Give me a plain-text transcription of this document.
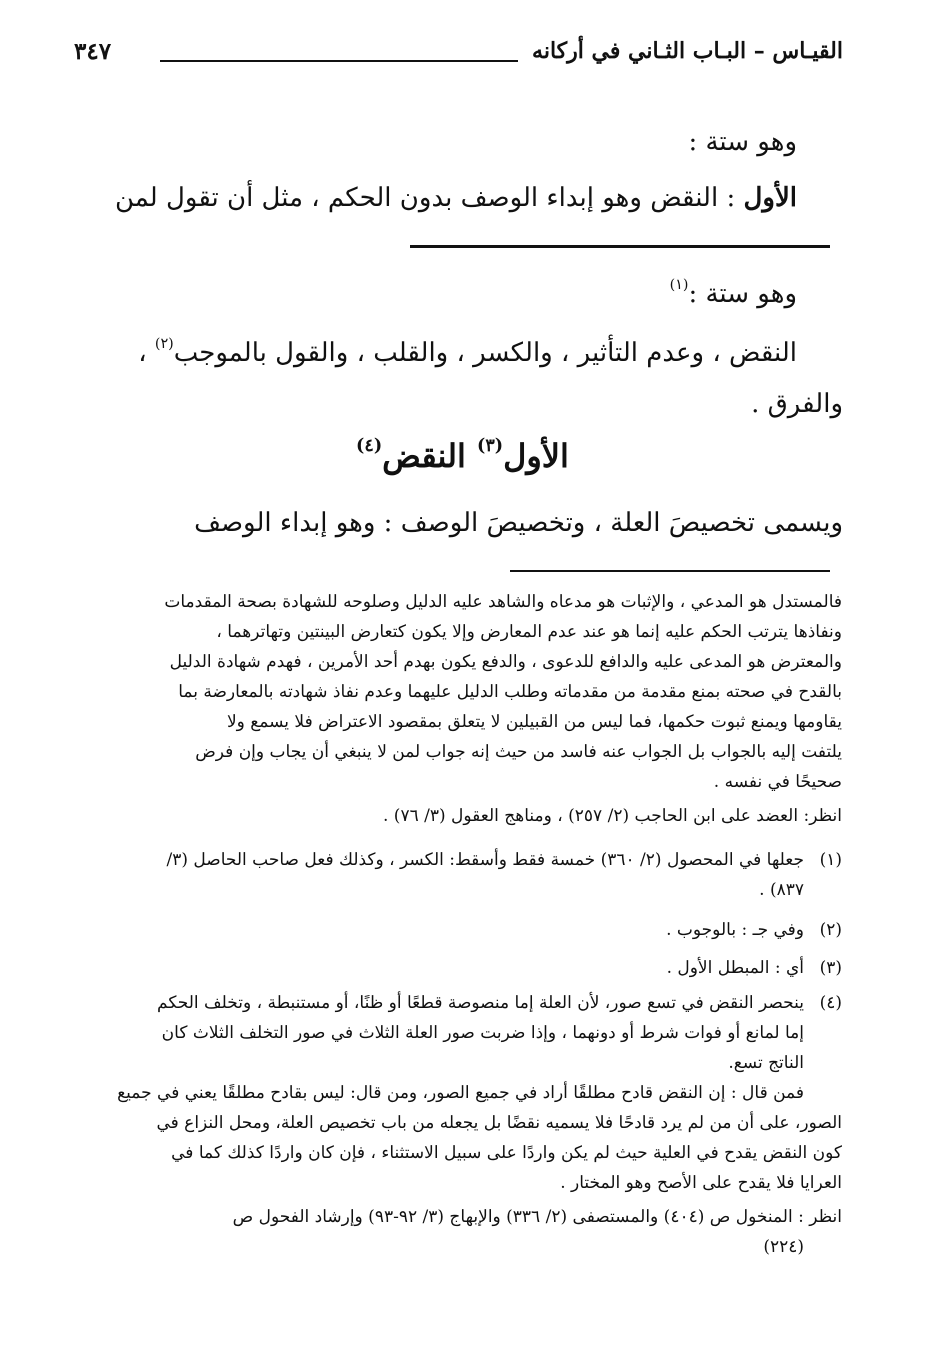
القيـاس – البـاب الثـاني في أركانه
٣٤٧
وهو ستة :
الأول : النقض وهو إبداء الوصف بدون الحكم ، مثل أن تقول لمن
وهو ستة :$^{(١)}$
النقض ، وعدم التأثير ، والكسر ، والقلب ، والقول بالموجب$^{(٢)}$ ،
والفرق .
الأول$^{(٣)}$ النقض$^{(٤)}$
ويسمى تخصيصَ العلة ، وتخصيصَ الوصف : وهو إبداء الوصف
فالمستدل هو المدعي ، والإثبات هو مدعاه والشاهد عليه الدليل وصلوحه للشهادة بصحة المقدمات
ونفاذها يترتب الحكم عليه إنما هو عند عدم المعارض وإلا يكون كتعارض البينتين وتهاترهما ،
والمعترض هو المدعى عليه والدافع للدعوى ، والدفع يكون بهدم أحد الأمرين ، فهدم شهادة الدليل
بالقدح في صحته بمنع مقدمة من مقدماته وطلب الدليل عليهما وعدم نفاذ شهادته بالمعارضة بما
يقاومها ويمنع ثبوت حكمها، فما ليس من القبيلين لا يتعلق بمقصود الاعتراض فلا يسمع ولا
يلتفت إليه بالجواب بل الجواب عنه فاسد من حيث إنه جواب لمن لا ينبغي أن يجاب وإن فرض
صحيحًا في نفسه .
انظر: العضد على ابن الحاجب (٢/ ٢٥٧) ، ومناهج العقول (٣/ ٧٦) .
(١)جعلها في المحصول (٢/ ٣٦٠) خمسة فقط وأسقط: الكسر ، وكذلك فعل صاحب الحاصل (٣/
٨٣٧) .
(٢)وفي جـ : بالوجوب .
(٣)أي : المبطل الأول .
(٤)ينحصر النقض في تسع صور، لأن العلة إما منصوصة قطعًا أو ظنًا، أو مستنبطة ، وتخلف الحكم
إما لمانع أو فوات شرط أو دونهما ، وإذا ضربت صور العلة الثلاث في صور التخلف الثلاث كان
الناتج تسع.
فمن قال : إن النقض قادح مطلقًا أراد في جميع الصور، ومن قال: ليس بقادح مطلقًا يعني في جميع
الصور، على أن من لم يرد قادحًا فلا يسميه نقضًا بل يجعله من باب تخصيص العلة، ومحل النزاع في
كون النقض يقدح في العلية حيث لم يكن واردًا على سبيل الاستثناء ، فإن كان واردًا كذلك كما في
العرايا فلا يقدح على الأصح وهو المختار .
انظر : المنخول ص (٤٠٤) والمستصفى (٢/ ٣٣٦) والإبهاج (٣/ ٩٢-٩٣) وإرشاد الفحول ص
(٢٢٤)
